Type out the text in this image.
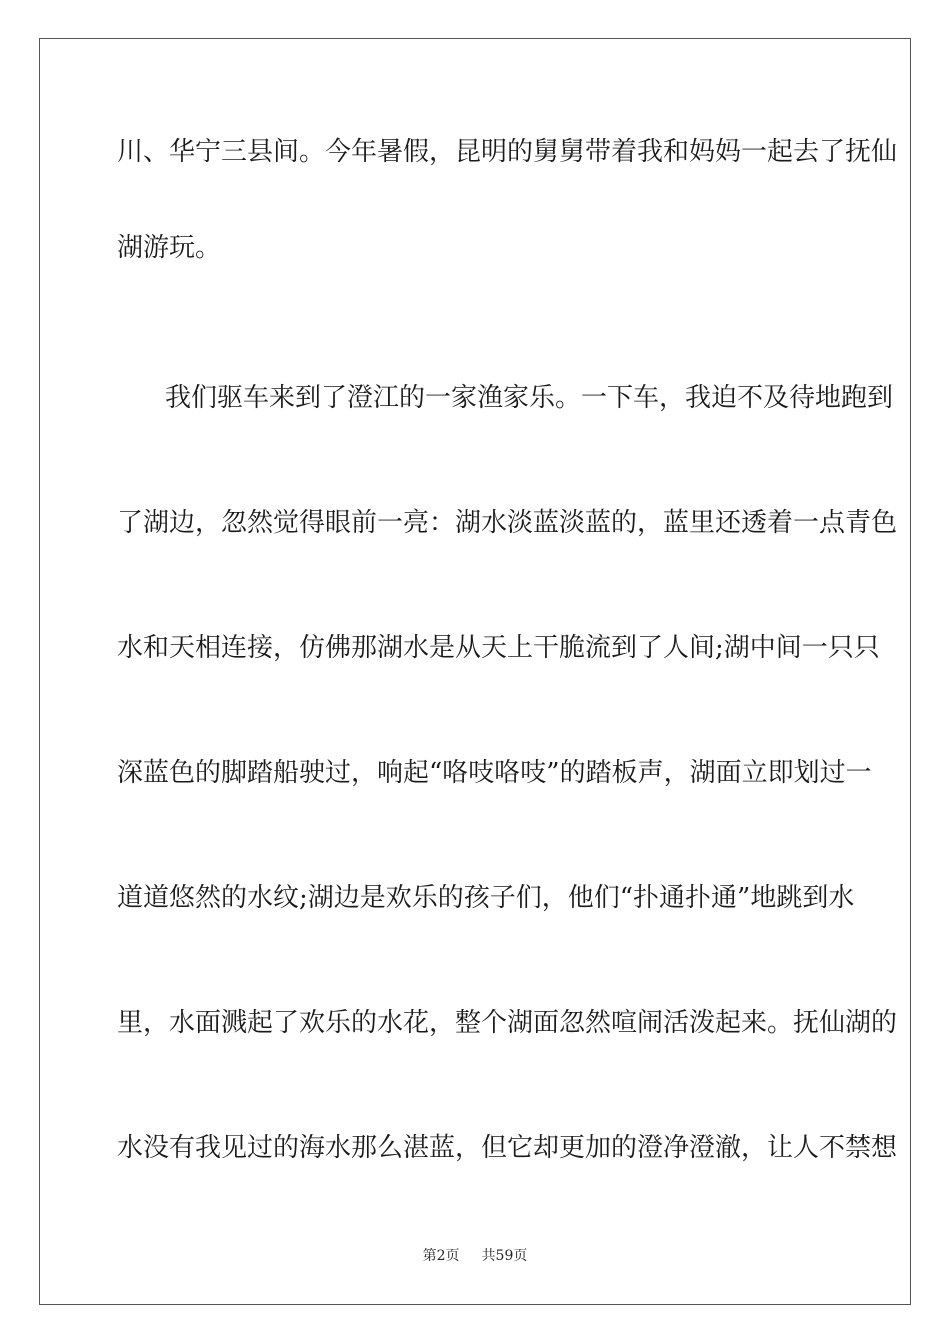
川、华宁三县间。今年暑假，昆明的舅舅带着我和妈妈一起去了抚仙
湖游玩。
我们驱车来到了澄江的一家渔家乐。一下车，我迫不及待地跑到
了湖边，忽然觉得眼前一亮：湖水淡蓝淡蓝的，蓝里还透着一点青色
水和天相连接，仿佛那湖水是从天上干脆流到了人间;湖中间一只只
深蓝色的脚踏船驶过，响起“咯吱咯吱”的踏板声，湖面立即划过一
道道悠然的水纹;湖边是欢乐的孩子们，他们“扑通扑通”地跳到水
里，水面溅起了欢乐的水花，整个湖面忽然喧闹活泼起来。抚仙湖的
水没有我见过的海水那么湛蓝，但它却更加的澄净澄澈，让人不禁想
第2页 共59页
